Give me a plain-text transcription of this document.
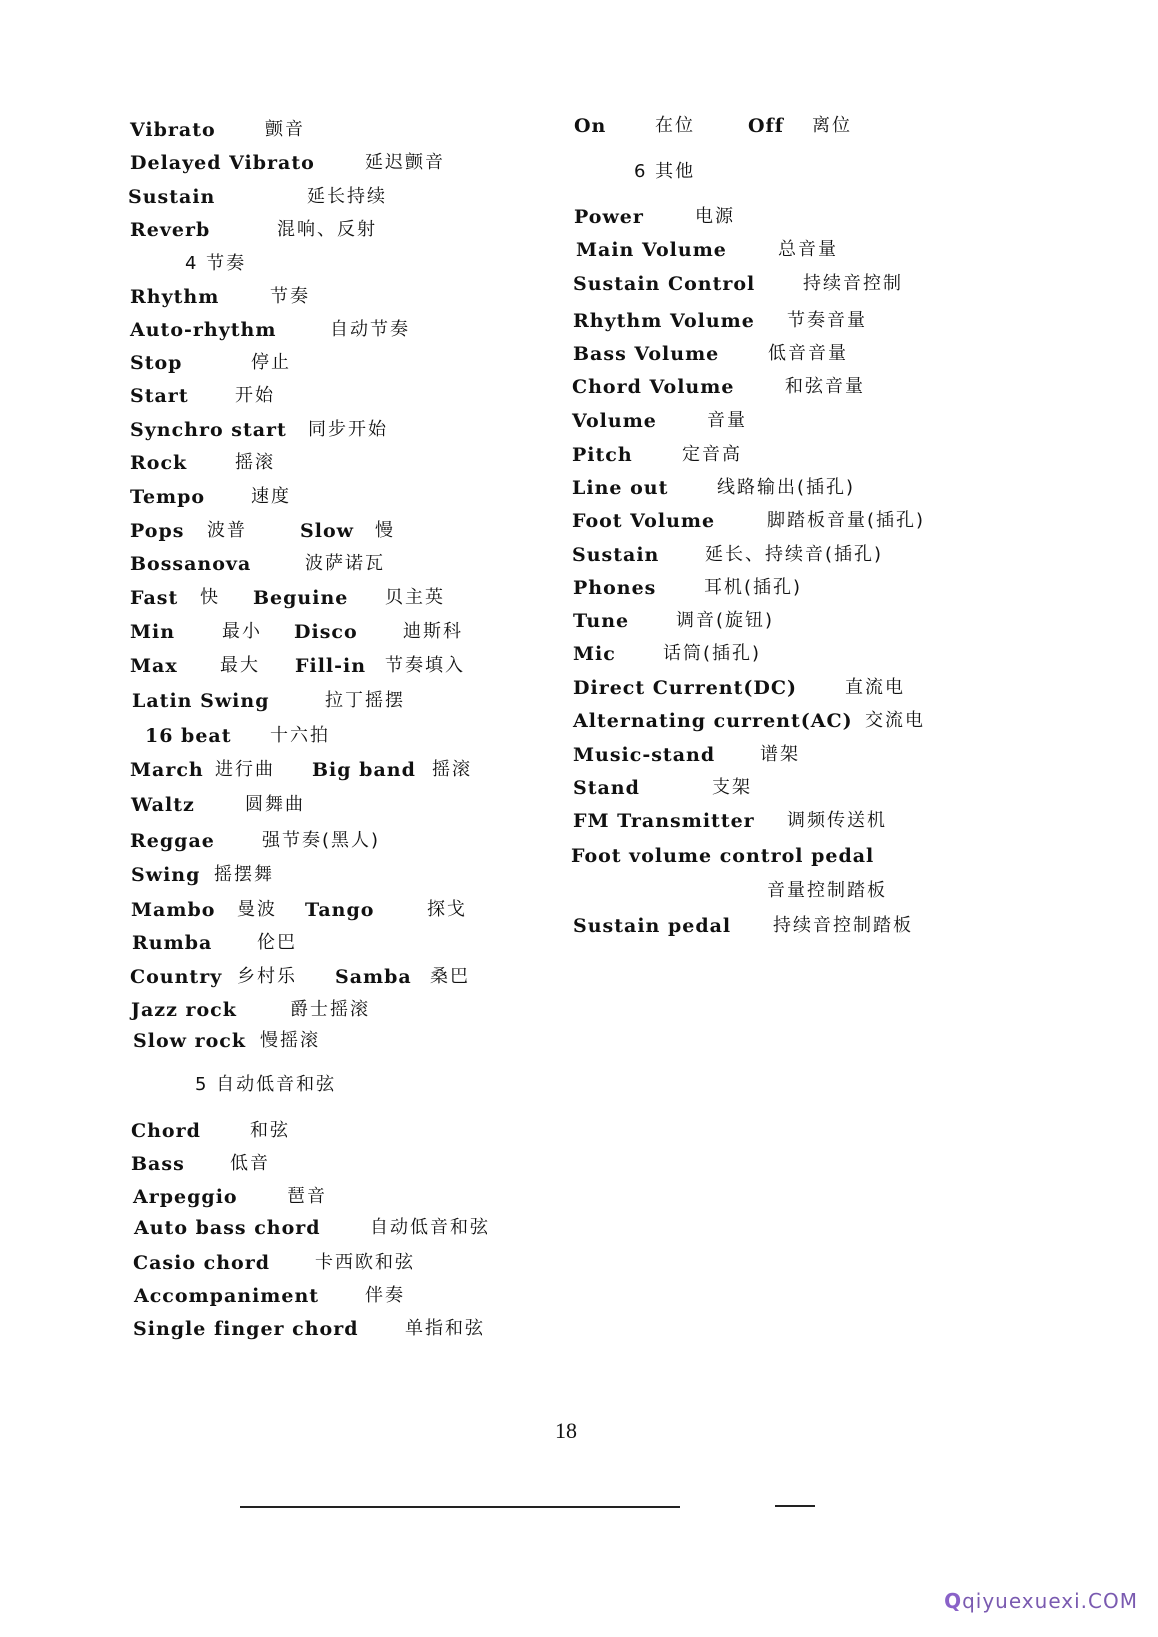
Vibrato	颤音
Delayed Vibrato	延迟颤音
Sustain	延长持续
Reverb	混响、反射
4 节奏
Rhythm	节奏
Auto-rhythm	自动节奏
Stop	停止
Start	开始
Synchro start 同步开始
Rock	摇滚
Tempo	速度
Pops 波普	Slow 慢
Bossanova	波萨诺瓦
Fast 快 Beguine 贝主英
Min	最小 Disco	迪斯科
Max 最大 Fill-in 节奏填入
Latin Swing	拉丁摇摆
16 beat 十六拍
March 进行曲 Big band 摇滚
Waltz	圆舞曲
Reggae	强节奏(黑人)
Swing 摇摆舞
Mambo 曼波 Tango	探戈
Rumba 伦巴
Country 乡村乐 Samba 桑巴
Jazz rock	爵士摇滚
Slow rock 慢摇滚
5 自动低音和弦
Chord	和弦
Bass	低音
Arpeggio	琶音
Auto bass chord	自动低音和弦
Casio chord	卡西欧和弦
Accompaniment	伴奏
Single finger chord	单指和弦
On	在位	Off 离位
6 其他
Power	电源
Main Volume	总音量
Sustain Control	持续音控制
Rhythm Volume 节奏音量
Bass Volume	低音音量
Chord Volume	和弦音量
Volume	音量
Pitch	定音高
Line out	线路输出(插孔)
Foot Volume	脚踏板音量(插孔)
Sustain	延长、持续音(插孔)
Phones	耳机(插孔)
Tune	调音(旋钮)
Mic	话筒(插孔)
Direct Current(DC)	直流电
Alternating current(AC) 交流电
Music-stand 谱架
Stand	支架
FM Transmitter 调频传送机
Foot volume control pedal
音量控制踏板
Sustain pedal 持续音控制踏板
18
Qqiyuexuexi.COM
